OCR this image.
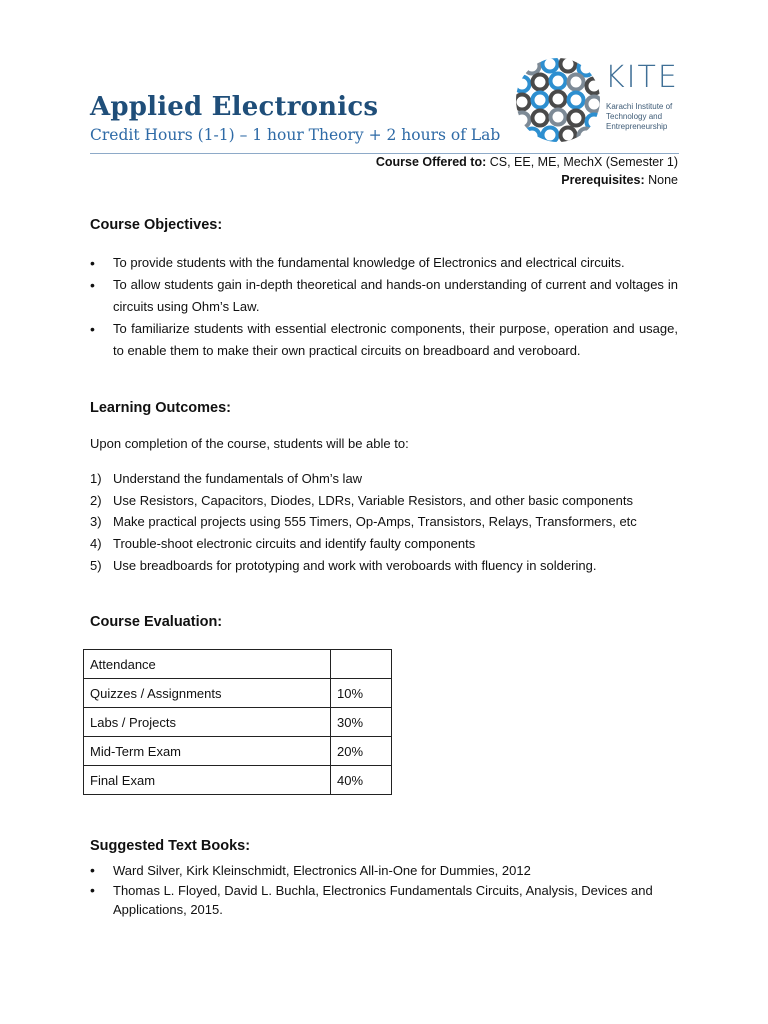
Applied Electronics
Credit Hours (1-1) – 1 hour Theory + 2 hours of Lab
KITE
Karachi Institute of Technology and Entrepreneurship
Course Offered to: CS, EE, ME, MechX (Semester 1)
Prerequisites: None
Course Objectives:
• To provide students with the fundamental knowledge of Electronics and electrical circuits.
• To allow students gain in-depth theoretical and hands-on understanding of current and voltages in circuits using Ohm’s Law.
• To familiarize students with essential electronic components, their purpose, operation and usage, to enable them to make their own practical circuits on breadboard and veroboard.
Learning Outcomes:

Upon completion of the course, students will be able to:

1) Understand the fundamentals of Ohm’s law
2) Use Resistors, Capacitors, Diodes, LDRs, Variable Resistors, and other basic components
3) Make practical projects using 555 Timers, Op-Amps, Transistors, Relays, Transformers, etc
4) Trouble-shoot electronic circuits and identify faulty components
5) Use breadboards for prototyping and work with veroboards with fluency in soldering.
Course Evaluation:
Attendance	
Quizzes / Assignments	10%
Labs / Projects	30%
Mid-Term Exam	20%
Final Exam	40%
Suggested Text Books:
• Ward Silver, Kirk Kleinschmidt, Electronics All-in-One for Dummies, 2012
• Thomas L. Floyed, David L. Buchla, Electronics Fundamentals Circuits, Analysis, Devices and Applications, 2015.
